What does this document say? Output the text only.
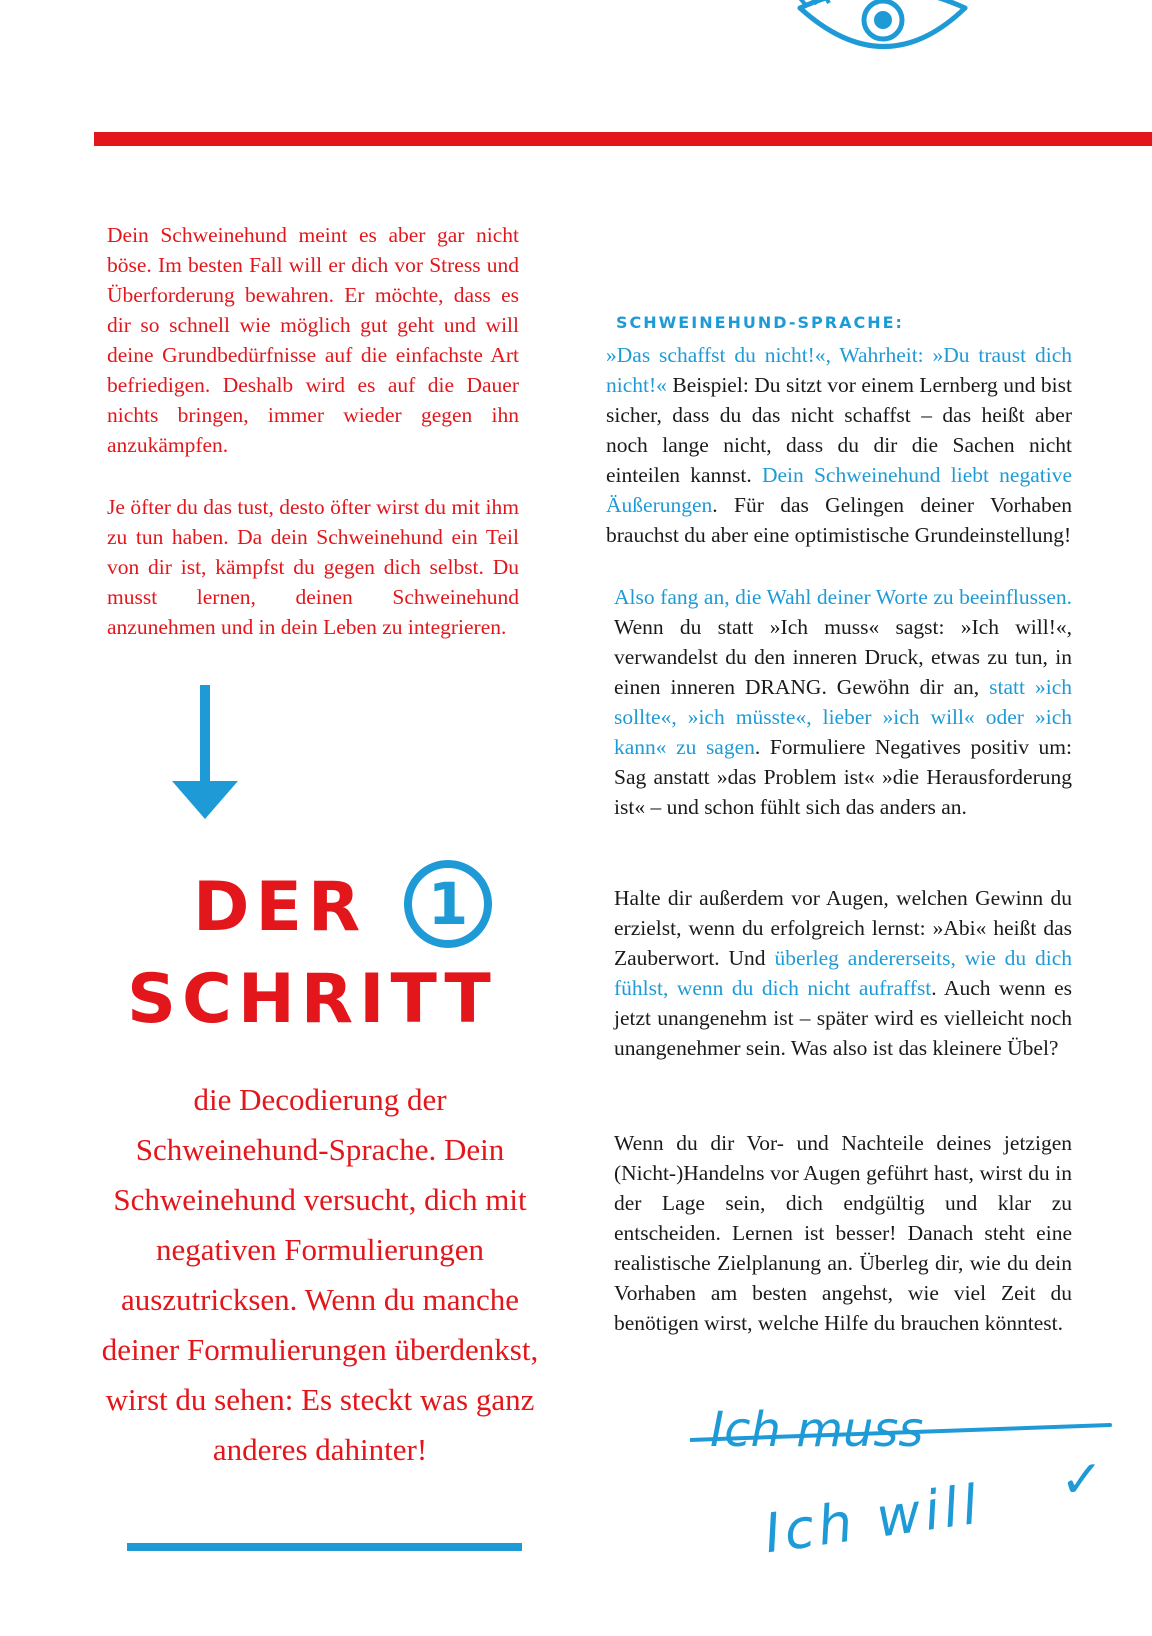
Dein Schweinehund meint es aber gar nicht böse. Im besten Fall will er dich vor Stress und Überforderung bewahren. Er möchte, dass es dir so schnell wie möglich gut geht und will deine Grundbedürfnisse auf die einfachste Art befriedigen. Deshalb wird es auf die Dauer nichts bringen, immer wieder gegen ihn anzukämpfen.
Je öfter du das tust, desto öfter wirst du mit ihm zu tun haben. Da dein Schweinehund ein Teil von dir ist, kämpfst du gegen dich selbst. Du musst lernen, deinen Schweinehund anzunehmen und in dein Leben zu integrieren.
DER	1
SCHRITT
die Decodierung der Schweinehund-Sprache. Dein Schweinehund versucht, dich mit negativen Formulierungen auszutricksen. Wenn du manche deiner Formulierungen überdenkst, wirst du sehen: Es steckt was ganz anderes dahinter!
SCHWEINEHUND-SPRACHE:
»Das schaffst du nicht!«, Wahrheit: »Du traust dich nicht!« Beispiel: Du sitzt vor einem Lernberg und bist sicher, dass du das nicht schaffst – das heißt aber noch lange nicht, dass du dir die Sachen nicht einteilen kannst. Dein Schweinehund liebt negative Äußerungen. Für das Gelingen deiner Vorhaben brauchst du aber eine optimistische Grundeinstellung!
Also fang an, die Wahl deiner Worte zu beeinflussen. Wenn du statt »Ich muss« sagst: »Ich will!«, verwandelst du den inneren Druck, etwas zu tun, in einen inneren DRANG. Gewöhn dir an, statt »ich sollte«, »ich müsste«, lieber »ich will« oder »ich kann« zu sagen. Formuliere Negatives positiv um: Sag anstatt »das Problem ist« »die Herausforderung ist« – und schon fühlt sich das anders an.
Halte dir außerdem vor Augen, welchen Gewinn du erzielst, wenn du erfolgreich lernst: »Abi« heißt das Zauberwort. Und überleg andererseits, wie du dich fühlst, wenn du dich nicht aufraffst. Auch wenn es jetzt unangenehm ist – später wird es vielleicht noch unangenehmer sein. Was also ist das kleinere Übel?
Wenn du dir Vor- und Nachteile deines jetzigen (Nicht-)Handelns vor Augen geführt hast, wirst du in der Lage sein, dich endgültig und klar zu entscheiden. Lernen ist besser! Danach steht eine realistische Zielplanung an. Überleg dir, wie du dein Vorhaben am besten angehst, wie viel Zeit du benötigen wirst, welche Hilfe du brauchen könntest.
Ich muss
Ich will ✓
